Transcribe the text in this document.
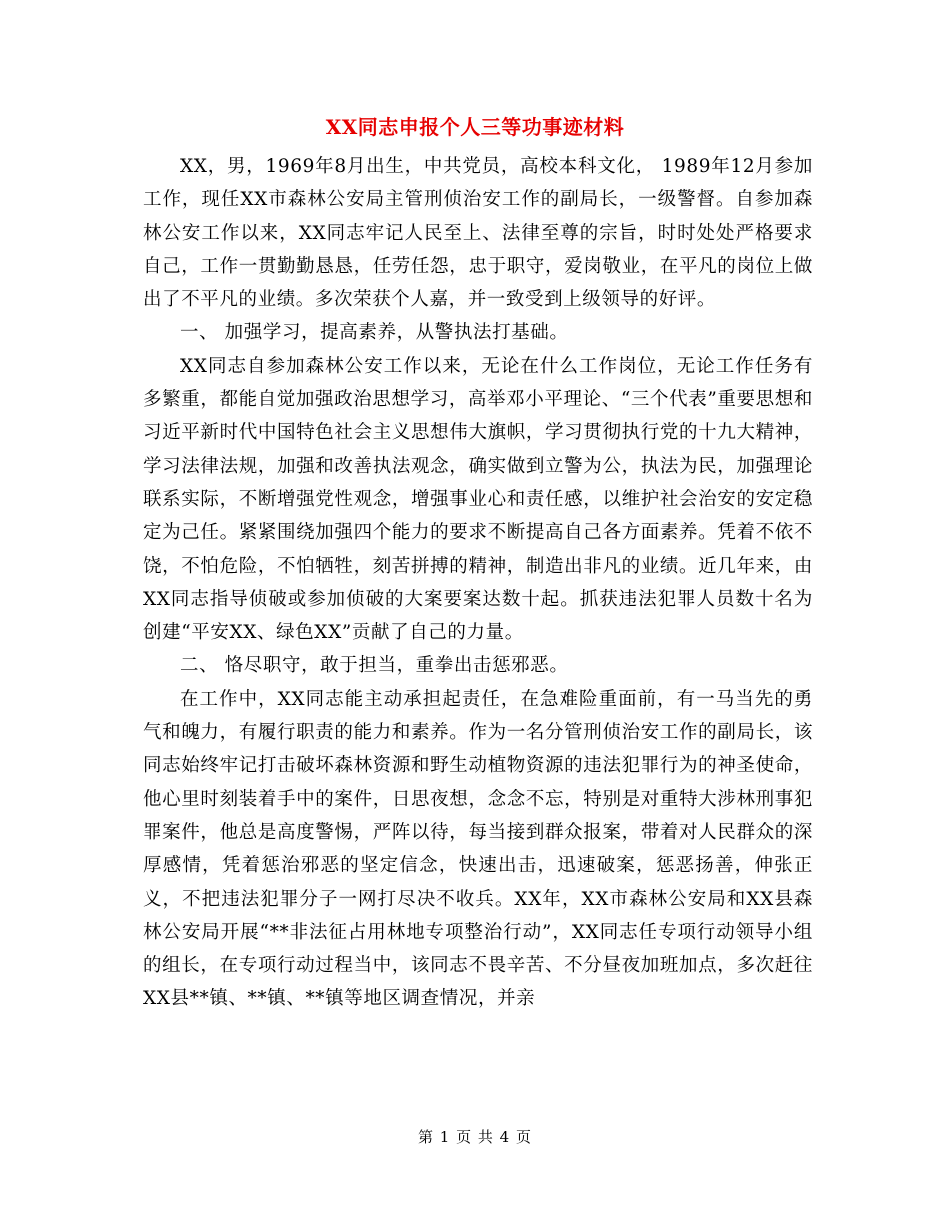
XX同志申报个人三等功事迹材料

XX，男，1969年8月出生，中共党员，高校本科文化， 1989年12月参加工作，现任XX市森林公安局主管刑侦治安工作的副局长，一级警督。自参加森林公安工作以来，XX同志牢记人民至上、法律至尊的宗旨，时时处处严格要求自己，工作一贯勤勤恳恳，任劳任怨，忠于职守，爱岗敬业，在平凡的岗位上做出了不平凡的业绩。多次荣获个人嘉，并一致受到上级领导的好评。

一、 加强学习，提高素养，从警执法打基础。

XX同志自参加森林公安工作以来，无论在什么工作岗位，无论工作任务有多繁重，都能自觉加强政治思想学习，高举邓小平理论、“三个代表”重要思想和习近平新时代中国特色社会主义思想伟大旗帜，学习贯彻执行党的十九大精神，学习法律法规，加强和改善执法观念，确实做到立警为公，执法为民，加强理论联系实际，不断增强党性观念，增强事业心和责任感，以维护社会治安的安定稳定为己任。紧紧围绕加强四个能力的要求不断提高自己各方面素养。凭着不依不饶，不怕危险，不怕牺牲，刻苦拼搏的精神，制造出非凡的业绩。近几年来，由XX同志指导侦破或参加侦破的大案要案达数十起。抓获违法犯罪人员数十名为创建“平安XX、绿色XX”贡献了自己的力量。

二、 恪尽职守，敢于担当，重拳出击惩邪恶。

在工作中，XX同志能主动承担起责任，在急难险重面前，有一马当先的勇气和魄力，有履行职责的能力和素养。作为一名分管刑侦治安工作的副局长，该同志始终牢记打击破坏森林资源和野生动植物资源的违法犯罪行为的神圣使命，他心里时刻装着手中的案件，日思夜想，念念不忘，特别是对重特大涉林刑事犯罪案件，他总是高度警惕，严阵以待，每当接到群众报案，带着对人民群众的深厚感情，凭着惩治邪恶的坚定信念，快速出击，迅速破案，惩恶扬善，伸张正义，不把违法犯罪分子一网打尽决不收兵。XX年，XX市森林公安局和XX县森林公安局开展“**非法征占用林地专项整治行动”，XX同志任专项行动领导小组的组长，在专项行动过程当中，该同志不畏辛苦、不分昼夜加班加点，多次赶往XX县**镇、**镇、**镇等地区调查情况，并亲

第 1 页 共 4 页
